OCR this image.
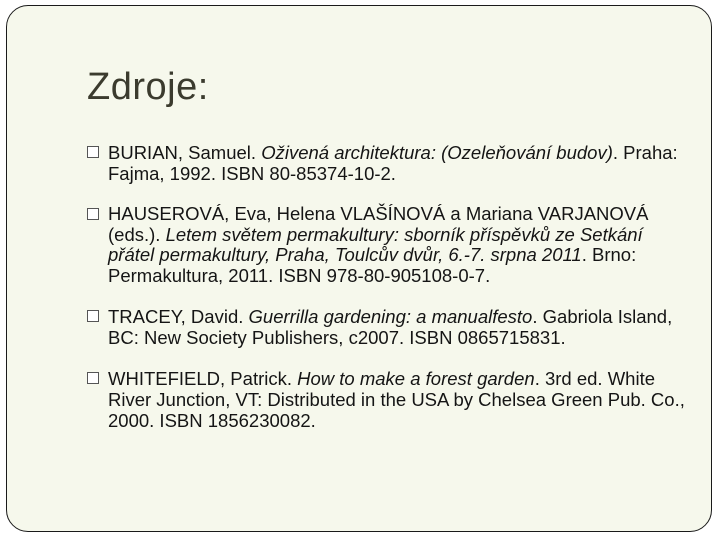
Zdroje:
BURIAN, Samuel. Oživená architektura: (Ozeleňování budov). Praha: Fajma, 1992. ISBN 80-85374-10-2.
HAUSEROVÁ, Eva, Helena VLAŠÍNOVÁ a Mariana VARJANOVÁ (eds.). Letem světem permakultury: sborník příspěvků ze Setkání přátel permakultury, Praha, Toulcův dvůr, 6.-7. srpna 2011. Brno: Permakultura, 2011. ISBN 978-80-905108-0-7.
TRACEY, David. Guerrilla gardening: a manualfesto. Gabriola Island, BC: New Society Publishers, c2007. ISBN 0865715831.
WHITEFIELD, Patrick. How to make a forest garden. 3rd ed. White River Junction, VT: Distributed in the USA by Chelsea Green Pub. Co., 2000. ISBN 1856230082.
